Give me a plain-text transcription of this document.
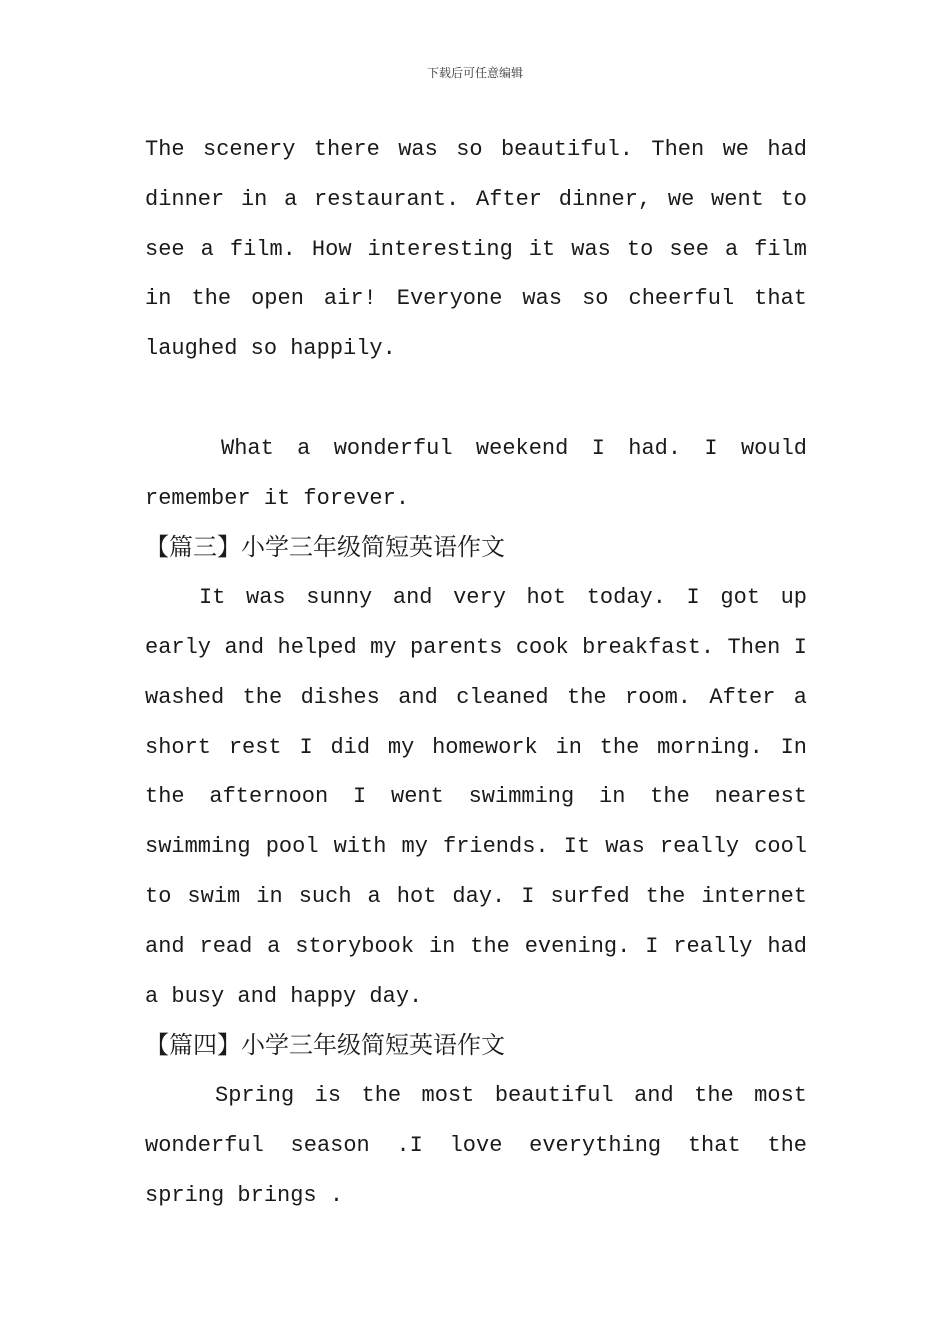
下载后可任意编辑

The scenery there was so beautiful. Then we had dinner in a restaurant. After dinner, we went to see a film. How interesting it was to see a film in the open air! Everyone was so cheerful that laughed so happily.

What a wonderful weekend I had. I would remember it forever.

【篇三】小学三年级简短英语作文

It was sunny and very hot today. I got up early and helped my parents cook breakfast. Then I washed the dishes and cleaned the room. After a short rest I did my homework in the morning. In the afternoon I went swimming in the nearest swimming pool with my friends. It was really cool to swim in such a hot day. I surfed the internet and read a storybook in the evening. I really had a busy and happy day.

【篇四】小学三年级简短英语作文

Spring is the most beautiful and the most wonderful season .I love everything that the spring brings .
